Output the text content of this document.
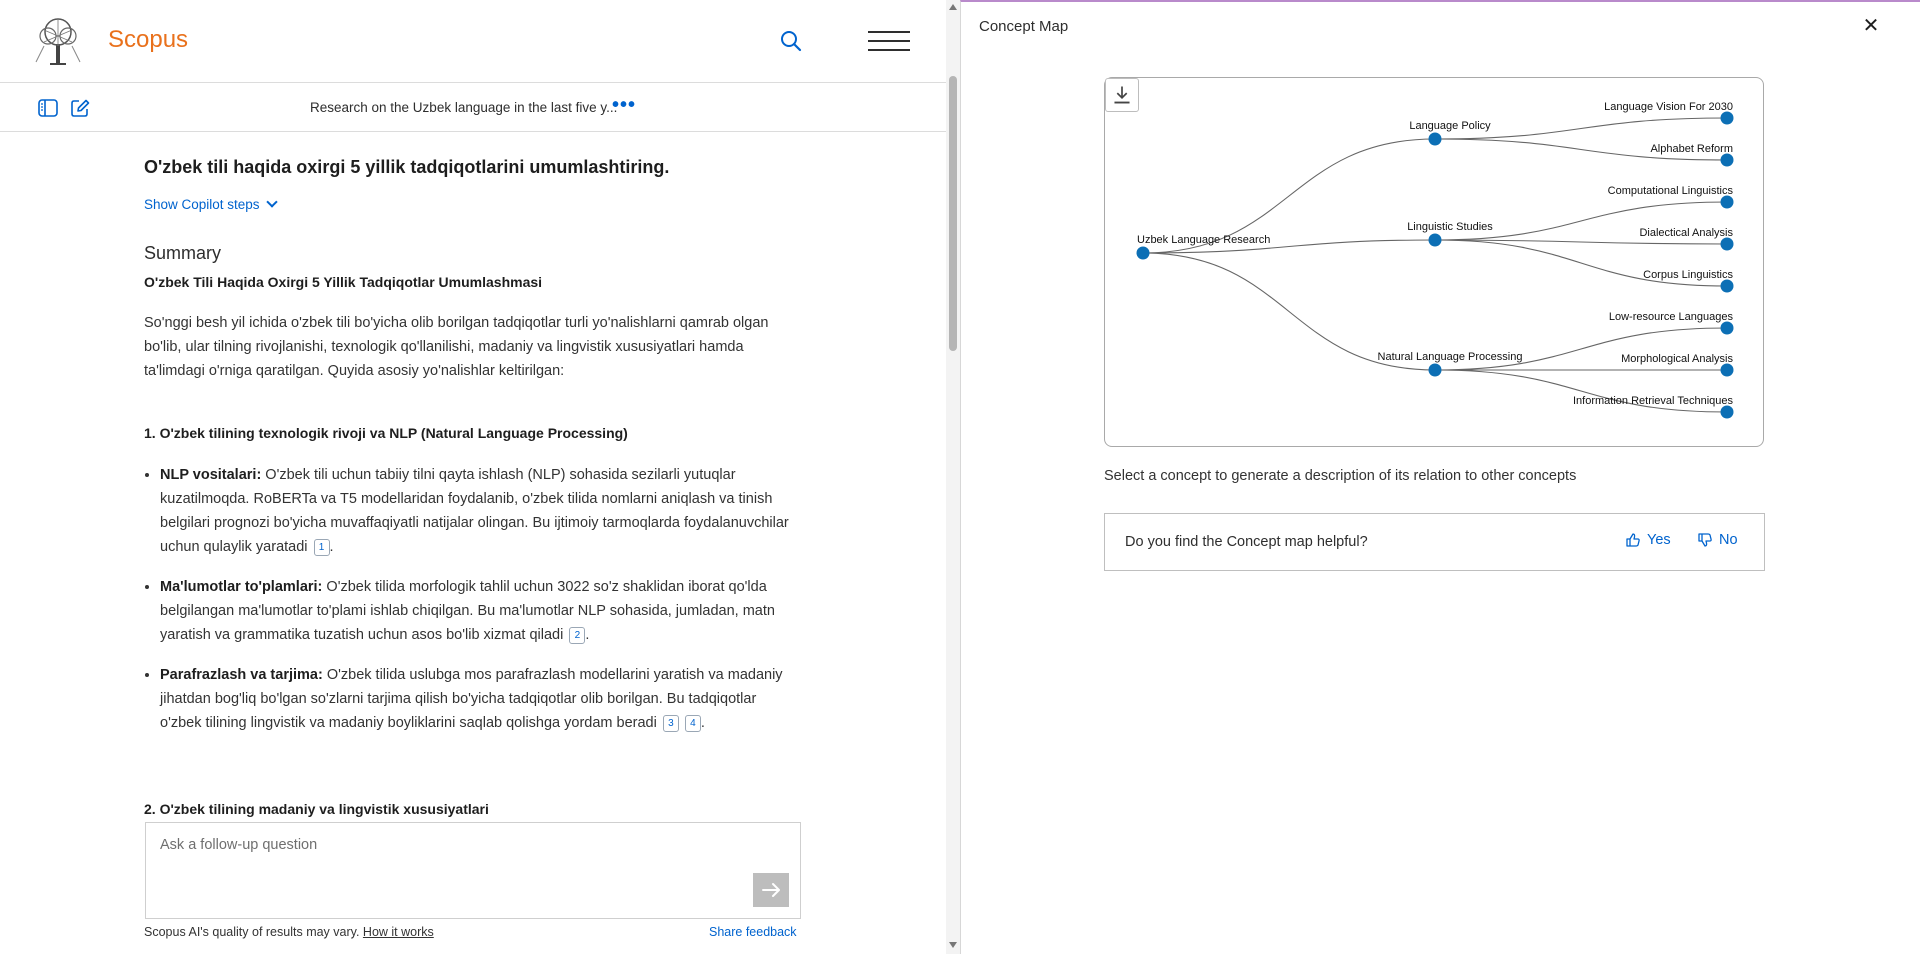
Scopus
Research on the Uzbek language in the last five y...
•••
O'zbek tili haqida oxirgi 5 yillik tadqiqotlarini umumlashtiring.
Show Copilot steps
Summary
O'zbek Tili Haqida Oxirgi 5 Yillik Tadqiqotlar Umumlashmasi

So'nggi besh yil ichida o'zbek tili bo'yicha olib borilgan tadqiqotlar turli yo'nalishlarni qamrab olgan bo'lib, ular tilning rivojlanishi, texnologik qo'llanilishi, madaniy va lingvistik xususiyatlari hamda ta'limdagi o'rniga qaratilgan. Quyida asosiy yo'nalishlar keltirilgan:

1. O'zbek tilining texnologik rivoji va NLP (Natural Language Processing)
• NLP vositalari: O'zbek tili uchun tabiiy tilni qayta ishlash (NLP) sohasida sezilarli yutuqlar kuzatilmoqda. RoBERTa va T5 modellaridan foydalanib, o'zbek tilida nomlarni aniqlash va tinish belgilari prognozi bo'yicha muvaffaqiyatli natijalar olingan. Bu ijtimoiy tarmoqlarda foydalanuvchilar uchun qulaylik yaratadi 1 .
• Ma'lumotlar to'plamlari: O'zbek tilida morfologik tahlil uchun 3022 so'z shaklidan iborat qo'lda belgilangan ma'lumotlar to'plami ishlab chiqilgan. Bu ma'lumotlar NLP sohasida, jumladan, matn yaratish va grammatika tuzatish uchun asos bo'lib xizmat qiladi 2 .
• Parafrazlash va tarjima: O'zbek tilida uslubga mos parafrazlash modellarini yaratish va madaniy jihatdan bog'liq bo'lgan so'zlarni tarjima qilish bo'yicha tadqiqotlar olib borilgan. Bu tadqiqotlar o'zbek tilining lingvistik va madaniy boyliklarini saqlab qolishga yordam beradi 3 4 .
2. O'zbek tilining madaniy va lingvistik xususiyatlari
Ask a follow-up question
Scopus AI's quality of results may vary. How it works	Share feedback
Concept Map	✕
Language Vision For 2030
Alphabet Reform
Language Policy
Computational Linguistics
Dialectical Analysis
Corpus Linguistics
Linguistic Studies
Low-resource Languages
Morphological Analysis
Information Retrieval Techniques
Natural Language Processing
Uzbek Language Research
Select a concept to generate a description of its relation to other concepts
Do you find the Concept map helpful?	Yes	No
